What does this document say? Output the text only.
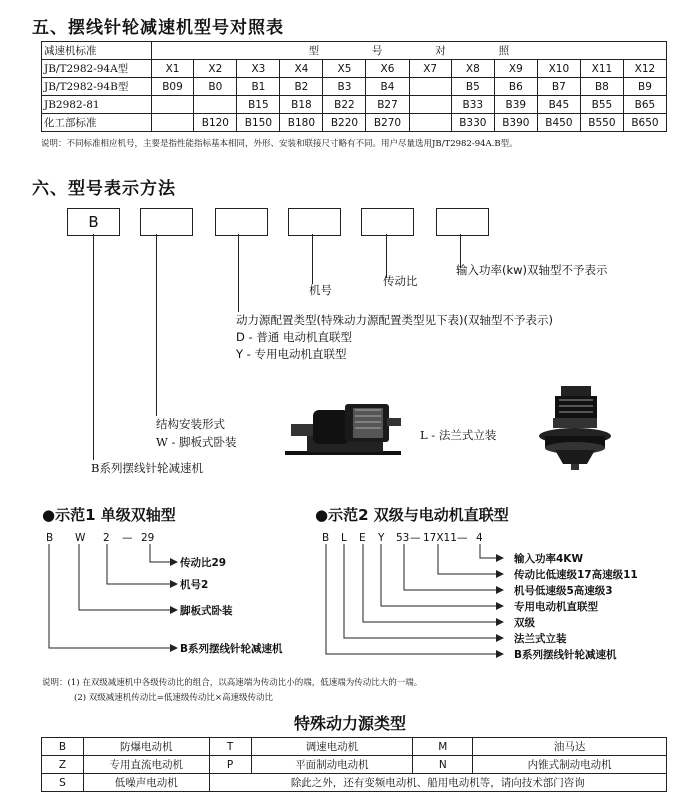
五、摆线针轮减速机型号对照表
减速机标准	型 号 对 照											
JB/T2982-94A型	X1	X2	X3	X4	X5	X6	X7	X8	X9	X10	X11	X12
JB/T2982-94B型	B09	B0	B1	B2	B3	B4		B5	B6	B7	B8	B9
JB2982-81			B15	B18	B22	B27		B33	B39	B45	B55	B65
化工部标准		B120	B150	B180	B220	B270		B330	B390	B450	B550	B650
说明：不同标准相应机号，主要是指性能指标基本相同，外形、安装和联接尺寸略有不同。用户尽量选用JB/T2982-94A.B型。
六、型号表示方法
B
输入功率(kw)双轴型不予表示
传动比
机号
动力源配置类型(特殊动力源配置类型见下表)(双轴型不予表示)
D - 普通 电动机直联型
Y - 专用电动机直联型
结构安装形式
W - 脚板式卧装	L - 法兰式立装
B系列摆线针轮减速机
●示范1 单级双轴型
B W 2 — 29
传动比29
机号2
脚板式卧装
B系列摆线针轮减速机
●示范2 双级与电动机直联型
B L E Y 53 — 17X11 — 4
输入功率4KW
传动比低速级17高速级11
机号低速级5高速级3
专用电动机直联型
双级
法兰式立装
B系列摆线针轮减速机
说明：(1) 在双级减速机中各级传动比的组合，以高速端为传动比小的端，低速端为传动比大的一端。
(2) 双级减速机传动比=低速级传动比×高速级传动比
特殊动力源类型
B	防爆电动机	T	调速电动机	M	油马达
Z	专用直流电动机	P	平面制动电动机	N	内锥式制动电动机
S	低噪声电动机	除此之外，还有变频电动机、船用电动机等，请向技术部门咨询			
